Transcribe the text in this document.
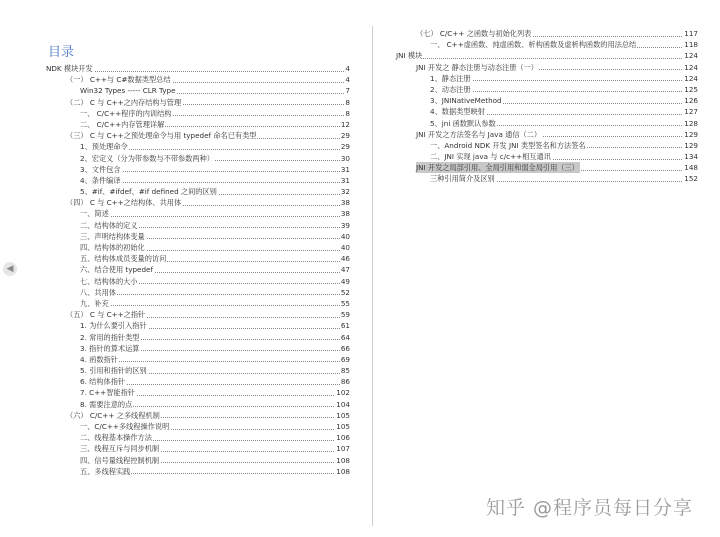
◀
目录
NDK 模块开发	4
（一） C++与 C#数据类型总结	4
Win32 Types ----- CLR Type	7
（二） C 与 C++之内存结构与管理	8
一、 C/C++程序的内训结构	8
二、 C/C++内存管理详解	12
（三） C 与 C++之预处理命令与用 typedef 命名已有类型	29
1、预处理命令	29
2、宏定义（分为带参数与不带参数两种）	30
3、文件包含	31
4、条件编译	31
5、#if、#ifdef、#if defined 之间的区别	32
（四） C 与 C++之结构体、共用体	38
一、简述	38
二、结构体的定义	39
三、声明结构体变量	40
四、结构体的初始化	40
五、结构体成员变量的访问	46
六、结合使用 typedef	47
七、结构体的大小	49
八、共用体	52
九、补充	55
（五） C 与 C++之指针	59
1. 为什么要引入指针	61
2. 常用的指针类型	64
3. 指针的算术运算	66
4. 函数指针	69
5. 引用和指针的区别	85
6. 结构体指针	86
7. C++智能指针	102
8. 需要注意的点	104
（六） C/C++ 之多线程机制	105
一、C/C++多线程操作说明	105
二、线程基本操作方法	106
三、线程互斥与同步机制	107
四、信号量线程控制机制	108
五、多线程实践	108
（七） C/C++ 之函数与初始化列表	117
一、 C++虚函数、纯虚函数、析构函数及虚析构函数的用法总结	118
JNI 模块	124
JNI 开发之 静态注册与动态注册（一）	124
1、静态注册	124
2、动态注册	125
3、JNINativeMethod	126
4、数据类型映射	127
5、jni 函数默认参数	128
JNI 开发之方法签名与 Java 通信（二）	129
一、Android NDK 开发 JNI 类型签名和方法签名	129
二、JNI 实现 java 与 c/c++相互通讯	134
JNI 开发之局部引用、全局引用和弱全局引用（三）	148
三种引用简介及区别	152
知乎 @程序员每日分享
